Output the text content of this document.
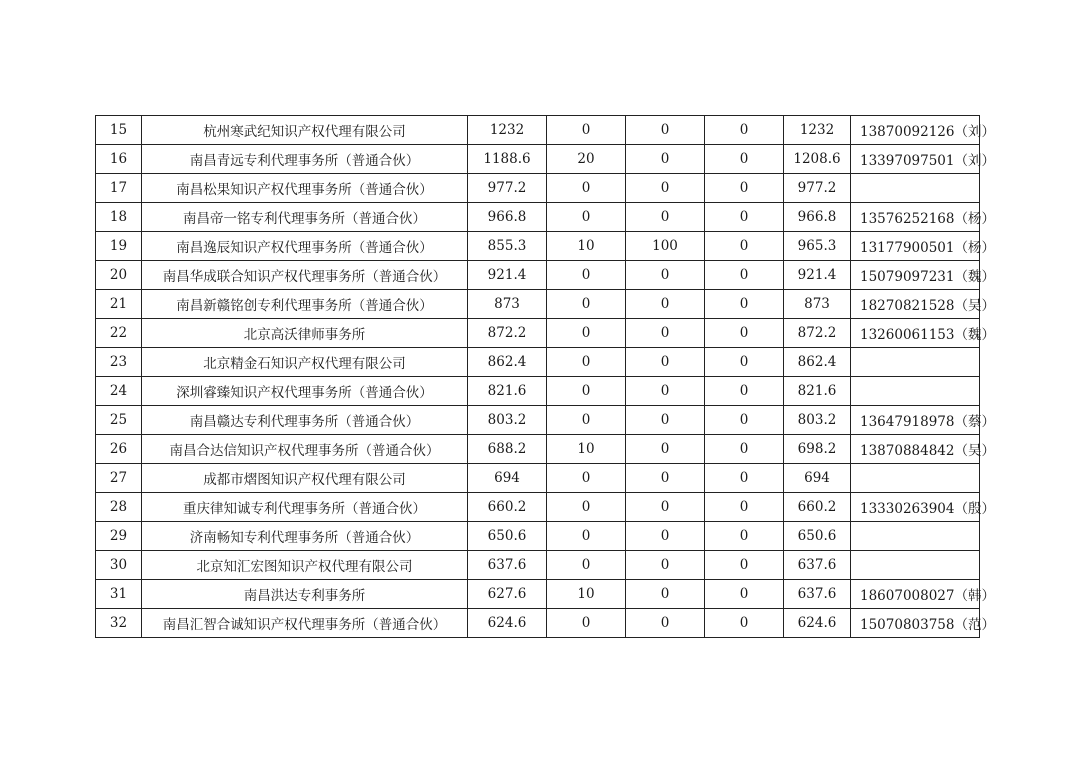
15	杭州寒武纪知识产权代理有限公司	1232	0	0	0	1232	13870092126（刘）
16	南昌青远专利代理事务所（普通合伙）	1188.6	20	0	0	1208.6	13397097501（刘）
17	南昌松果知识产权代理事务所（普通合伙）	977.2	0	0	0	977.2	
18	南昌帝一铭专利代理事务所（普通合伙）	966.8	0	0	0	966.8	13576252168（杨）
19	南昌逸辰知识产权代理事务所（普通合伙）	855.3	10	100	0	965.3	13177900501（杨）
20	南昌华成联合知识产权代理事务所（普通合伙）	921.4	0	0	0	921.4	15079097231（魏）
21	南昌新赣铭创专利代理事务所（普通合伙）	873	0	0	0	873	18270821528（吴）
22	北京高沃律师事务所	872.2	0	0	0	872.2	13260061153（魏）
23	北京精金石知识产权代理有限公司	862.4	0	0	0	862.4	
24	深圳睿臻知识产权代理事务所（普通合伙）	821.6	0	0	0	821.6	
25	南昌赣达专利代理事务所（普通合伙）	803.2	0	0	0	803.2	13647918978（蔡）
26	南昌合达信知识产权代理事务所（普通合伙）	688.2	10	0	0	698.2	13870884842（吴）
27	成都市熠图知识产权代理有限公司	694	0	0	0	694	
28	重庆律知诚专利代理事务所（普通合伙）	660.2	0	0	0	660.2	13330263904（殷）
29	济南畅知专利代理事务所（普通合伙）	650.6	0	0	0	650.6	
30	北京知汇宏图知识产权代理有限公司	637.6	0	0	0	637.6	
31	南昌洪达专利事务所	627.6	10	0	0	637.6	18607008027（韩）
32	南昌汇智合诚知识产权代理事务所（普通合伙）	624.6	0	0	0	624.6	15070803758（范）
